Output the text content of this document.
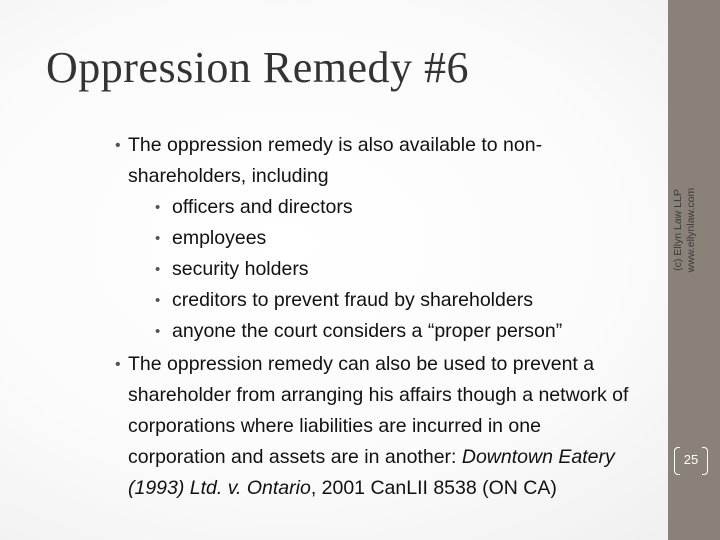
Oppression Remedy #6
• The oppression remedy is also available to non-
shareholders, including
• officers and directors
• employees
• security holders
• creditors to prevent fraud by shareholders
• anyone the court considers a “proper person”
• The oppression remedy can also be used to prevent a
shareholder from arranging his affairs though a network of
corporations where liabilities are incurred in one
corporation and assets are in another: Downtown Eatery
(1993) Ltd. v. Ontario, 2001 CanLII 8538 (ON CA)
(c) Ellyn Law LLP www.ellynlaw.com
25
